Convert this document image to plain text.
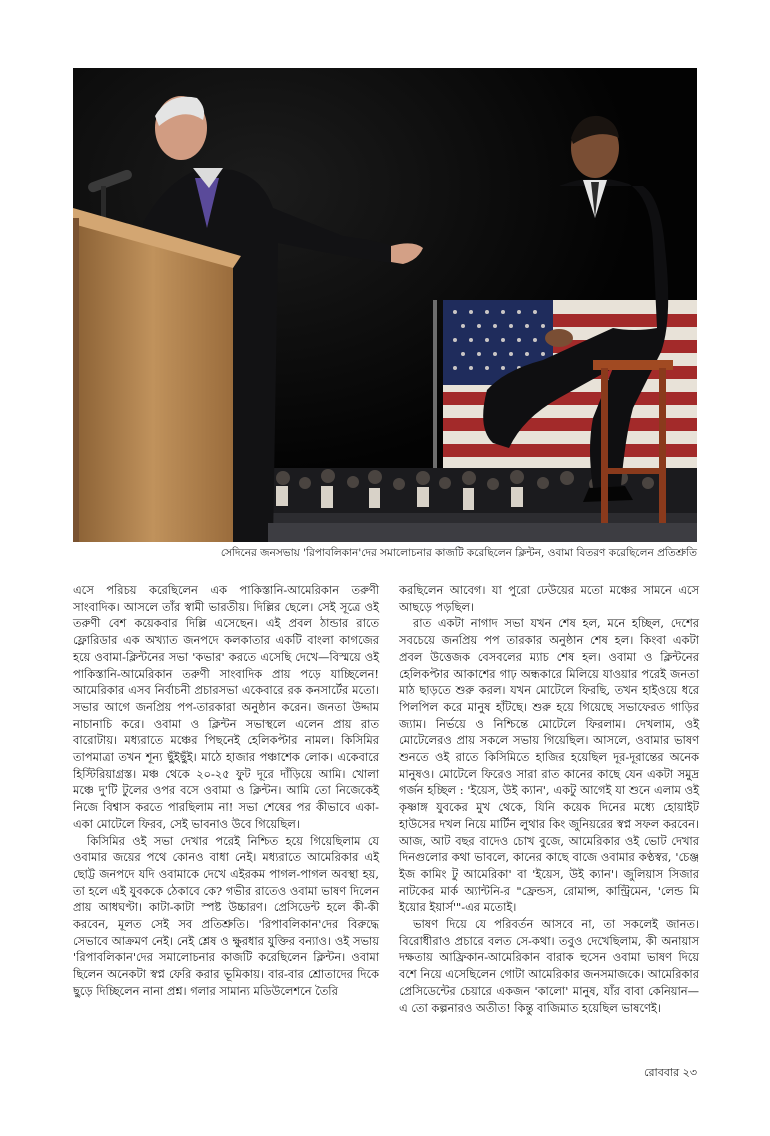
সেদিনের জনসভায় 'রিপাবলিকান'দের সমালোচনার কাজটি করেছিলেন ক্লিন্টন, ওবামা বিতরণ করেছিলেন প্রতিশ্রুতি

এসে পরিচয় করেছিলেন এক পাকিস্তানি-আমেরিকান তরুণী সাংবাদিক। আসলে তাঁর স্বামী ভারতীয়। দিল্লির ছেলে। সেই সূত্রে ওই তরুণী বেশ কয়েকবার দিল্লি এসেছেন। এই প্রবল ঠান্ডার রাতে ফ্লোরিডার এক অখ্যাত জনপদে কলকাতার একটি বাংলা কাগজের হয়ে ওবামা-ক্লিন্টনের সভা 'কভার' করতে এসেছি দেখে—বিস্ময়ে ওই পাকিস্তানি-আমেরিকান তরুণী সাংবাদিক প্রায় পড়ে যাচ্ছিলেন! আমেরিকার এসব নির্বাচনী প্রচারসভা একেবারে রক কনসার্টের মতো। সভার আগে জনপ্রিয় পপ-তারকারা অনুষ্ঠান করেন। জনতা উদ্দাম নাচানাচি করে। ওবামা ও ক্লিন্টন সভাস্থলে এলেন প্রায় রাত বারোটায়। মধ্যরাতে মঞ্চের পিছনেই হেলিকপ্টার নামল। কিসিমির তাপমাত্রা তখন শূন্য ছুঁইছুঁই। মাঠে হাজার পঞ্চাশেক লোক। একেবারে হিস্টিরিয়াগ্রস্ত। মঞ্চ থেকে ২০-২৫ ফুট দূরে দাঁড়িয়ে আমি। খোলা মঞ্চে দু'টি টুলের ওপর বসে ওবামা ও ক্লিন্টন। আমি তো নিজেকেই নিজে বিশ্বাস করতে পারছিলাম না! সভা শেষের পর কীভাবে একা-একা মোটেলে ফিরব, সেই ভাবনাও উবে গিয়েছিল।

কিসিমির ওই সভা দেখার পরেই নিশ্চিত হয়ে গিয়েছিলাম যে ওবামার জয়ের পথে কোনও বাধা নেই। মধ্যরাতে আমেরিকার এই ছোট্ট জনপদে যদি ওবামাকে দেখে এইরকম পাগল-পাগল অবস্থা হয়, তা হলে এই যুবককে ঠেকাবে কে? গভীর রাতেও ওবামা ভাষণ দিলেন প্রায় আধঘণ্টা। কাটা-কাটা স্পষ্ট উচ্চারণ। প্রেসিডেন্ট হলে কী-কী করবেন, মূলত সেই সব প্রতিশ্রুতি। 'রিপাবলিকান'দের বিরুদ্ধে সেভাবে আক্রমণ নেই। নেই শ্লেষ ও ক্ষুরধার যুক্তির বন্যাও। ওই সভায় 'রিপাবলিকান'দের সমালোচনার কাজটি করেছিলেন ক্লিন্টন। ওবামা ছিলেন অনেকটা স্বপ্ন ফেরি করার ভূমিকায়। বার-বার শ্রোতাদের দিকে ছুড়ে দিচ্ছিলেন নানা প্রশ্ন। গলার সামান্য মডিউলেশনে তৈরি

করছিলেন আবেগ। যা পুরো ঢেউয়ের মতো মঞ্চের সামনে এসে আছড়ে পড়ছিল।

রাত একটা নাগাদ সভা যখন শেষ হল, মনে হচ্ছিল, দেশের সবচেয়ে জনপ্রিয় পপ তারকার অনুষ্ঠান শেষ হল। কিংবা একটা প্রবল উত্তেজক বেসবলের ম্যাচ শেষ হল। ওবামা ও ক্লিন্টনের হেলিকপ্টার আকাশের গাঢ় অন্ধকারে মিলিয়ে যাওয়ার পরেই জনতা মাঠ ছাড়তে শুরু করল। যখন মোটেলে ফিরছি, তখন হাইওয়ে ধরে পিলপিল করে মানুষ হাঁটছে। শুরু হয়ে গিয়েছে সভাফেরত গাড়ির জ্যাম। নির্ভয়ে ও নিশ্চিন্তে মোটেলে ফিরলাম। দেখলাম, ওই মোটেলেরও প্রায় সকলে সভায় গিয়েছিল। আসলে, ওবামার ভাষণ শুনতে ওই রাতে কিসিমিতে হাজির হয়েছিল দূর-দূরান্তের অনেক মানুষও। মোটেলে ফিরেও সারা রাত কানের কাছে যেন একটা সমুদ্র গর্জন হচ্ছিল : 'ইয়েস, উই ক্যান', একটু আগেই যা শুনে এলাম ওই কৃষ্ণাঙ্গ যুবকের মুখ থেকে, যিনি কয়েক দিনের মধ্যে হোয়াইট হাউসের দখল নিয়ে মার্টিন লুথার কিং জুনিয়রের স্বপ্ন সফল করবেন। আজ, আট বছর বাদেও চোখ বুজে, আমেরিকার ওই ভোট দেখার দিনগুলোর কথা ভাবলে, কানের কাছে বাজে ওবামার কণ্ঠস্বর, 'চেঞ্জ ইজ কামিং টু আমেরিকা' বা 'ইয়েস, উই ক্যান'। জুলিয়াস সিজার নাটকের মার্ক অ্যান্টনি-র "ফ্রেন্ডস, রোমান্স, কান্ট্রিমেন, 'লেন্ড মি ইয়োর ইয়ার্স'"-এর মতোই।

ভাষণ দিয়ে যে পরিবর্তন আসবে না, তা সকলেই জানত। বিরোধীরাও প্রচারে বলত সে-কথা। তবুও দেখেছিলাম, কী অনায়াস দক্ষতায় আফ্রিকান-আমেরিকান বারাক হুসেন ওবামা ভাষণ দিয়ে বশে নিয়ে এসেছিলেন গোটা আমেরিকার জনসমাজকে। আমেরিকার প্রেসিডেন্টের চেয়ারে একজন 'কালো' মানুষ, যাঁর বাবা কেনিয়ান—এ তো কল্পনারও অতীত! কিন্তু বাজিমাত হয়েছিল ভাষণেই।

রোববার ২৩
